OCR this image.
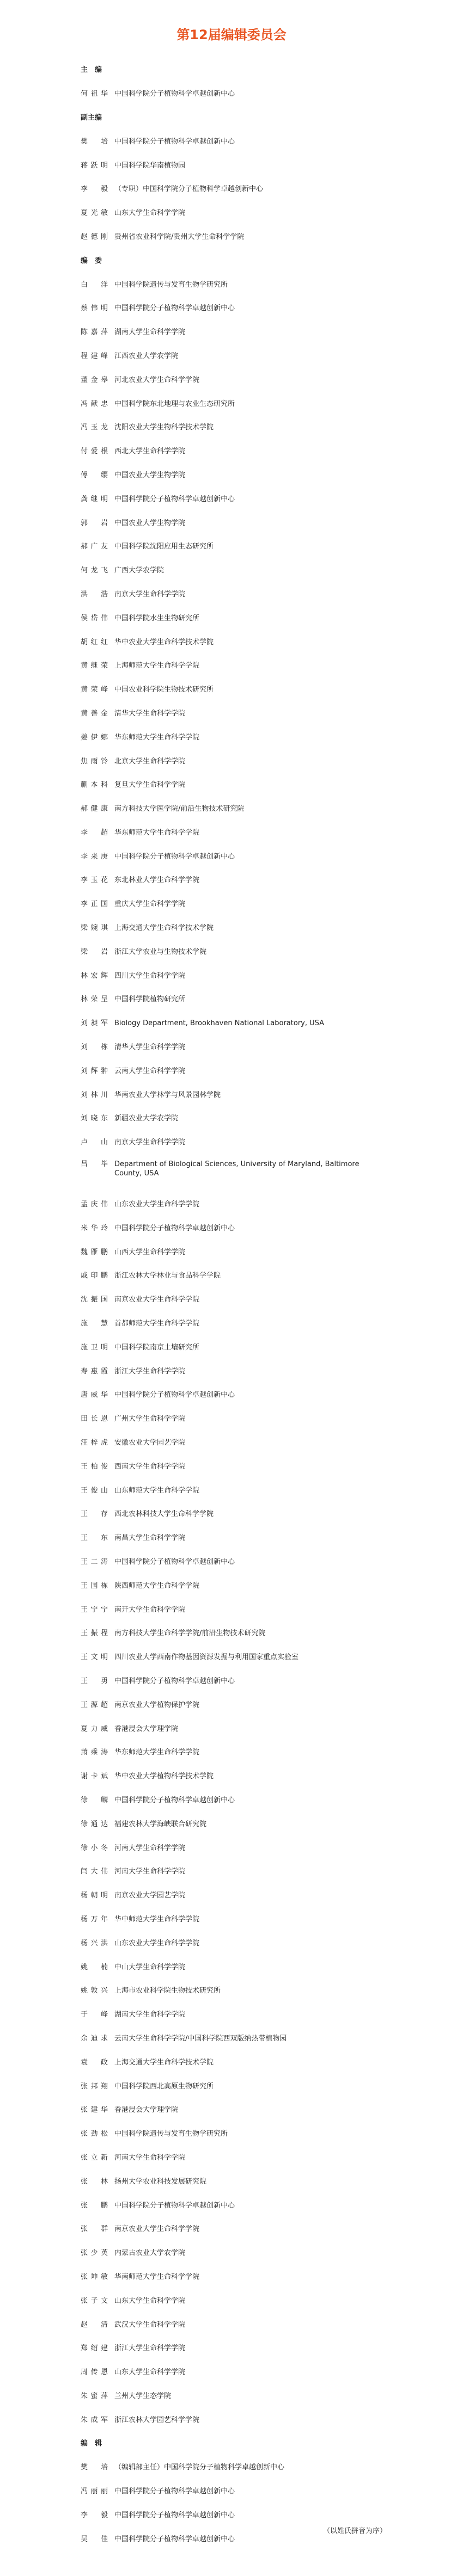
第12届编辑委员会
主　编
何祖华 中国科学院分子植物科学卓越创新中心
副主编
樊 培 中国科学院分子植物科学卓越创新中心
蒋跃明 中国科学院华南植物园
李 毅 （专职）中国科学院分子植物科学卓越创新中心
夏光敏 山东大学生命科学学院
赵德刚 贵州省农业科学院/贵州大学生命科学学院
编　委
白 洋 中国科学院遗传与发育生物学研究所
蔡伟明 中国科学院分子植物科学卓越创新中心
陈嘉萍 湖南大学生命科学学院
程建峰 江西农业大学农学院
董金皋 河北农业大学生命科学学院
冯献忠 中国科学院东北地理与农业生态研究所
冯玉龙 沈阳农业大学生物科学技术学院
付爱根 西北大学生命科学学院
傅 缨 中国农业大学生物学院
龚继明 中国科学院分子植物科学卓越创新中心
郭 岩 中国农业大学生物学院
郝广友 中国科学院沈阳应用生态研究所
何龙飞 广西大学农学院
洪 浩 南京大学生命科学学院
侯岱伟 中国科学院水生生物研究所
胡红红 华中农业大学生命科学技术学院
黄继荣 上海师范大学生命科学学院
黄荣峰 中国农业科学院生物技术研究所
黄善金 清华大学生命科学学院
姜伊娜 华东师范大学生命科学学院
焦雨铃 北京大学生命科学学院
蒯本科 复旦大学生命科学学院
郝健康 南方科技大学医学院/前沿生物技术研究院
李 超 华东师范大学生命科学学院
李来庚 中国科学院分子植物科学卓越创新中心
李玉花 东北林业大学生命科学学院
李正国 重庆大学生命科学学院
梁婉琪 上海交通大学生命科学技术学院
梁 岩 浙江大学农业与生物技术学院
林宏辉 四川大学生命科学学院
林荣呈 中国科学院植物研究所
刘昶军 Biology Department, Brookhaven National Laboratory, USA
刘 栋 清华大学生命科学学院
刘辉翀 云南大学生命科学学院
刘林川 华南农业大学林学与风景园林学院
刘晓东 新疆农业大学农学院
卢 山 南京大学生命科学学院
吕 毕 Department of Biological Sciences, University of Maryland, Baltimore County, USA
孟庆伟 山东农业大学生命科学学院
米华玲 中国科学院分子植物科学卓越创新中心
魏雁鹏 山西大学生命科学学院
戚印鹏 浙江农林大学林业与食品科学学院
沈振国 南京农业大学生命科学学院
施 慧 首都师范大学生命科学学院
施卫明 中国科学院南京土壤研究所
寿惠霞 浙江大学生命科学学院
唐威华 中国科学院分子植物科学卓越创新中心
田长恩 广州大学生命科学学院
汪梓虎 安徽农业大学园艺学院
王柏俊 西南大学生命科学学院
王俊山 山东师范大学生命科学学院
王 存 西北农林科技大学生命科学学院
王 东 南昌大学生命科学学院
王二涛 中国科学院分子植物科学卓越创新中心
王国栋 陕西师范大学生命科学学院
王宁宁 南开大学生命科学学院
王振程 南方科技大学生命科学学院/前沿生物技术研究院
王文明 四川农业大学西南作物基因资源发掘与利用国家重点实验室
王 勇 中国科学院分子植物科学卓越创新中心
王源超 南京农业大学植物保护学院
夏力威 香港浸会大学理学院
萧乘涛 华东师范大学生命科学学院
谢卡斌 华中农业大学植物科学技术学院
徐 麟 中国科学院分子植物科学卓越创新中心
徐通达 福建农林大学海峡联合研究院
徐小冬 河南大学生命科学学院
闫大伟 河南大学生命科学学院
杨朝明 南京农业大学园艺学院
杨万年 华中师范大学生命科学学院
杨兴洪 山东农业大学生命科学学院
姚 楠 中山大学生命科学学院
姚敦兴 上海市农业科学院生物技术研究所
于 峰 湖南大学生命科学学院
余迪求 云南大学生命科学学院/中国科学院西双版纳热带植物园
袁 政 上海交通大学生命科学技术学院
张邦翔 中国科学院西北高原生物研究所
张建华 香港浸会大学理学院
张劲松 中国科学院遗传与发育生物学研究所
张立新 河南大学生命科学学院
张 林 扬州大学农业科技发展研究院
张 鹏 中国科学院分子植物科学卓越创新中心
张 群 南京农业大学生命科学学院
张少英 内蒙古农业大学农学院
张坤敏 华南师范大学生命科学学院
张子文 山东大学生命科学学院
赵 清 武汉大学生命科学学院
郑绍建 浙江大学生命科学学院
周传恩 山东大学生命科学学院
朱蜜萍 兰州大学生态学院
朱成军 浙江农林大学园艺科学学院
编　辑
樊 培 （编辑部主任）中国科学院分子植物科学卓越创新中心
冯丽丽 中国科学院分子植物科学卓越创新中心
李 毅 中国科学院分子植物科学卓越创新中心
吴 佳 中国科学院分子植物科学卓越创新中心
（以姓氏拼音为序）
